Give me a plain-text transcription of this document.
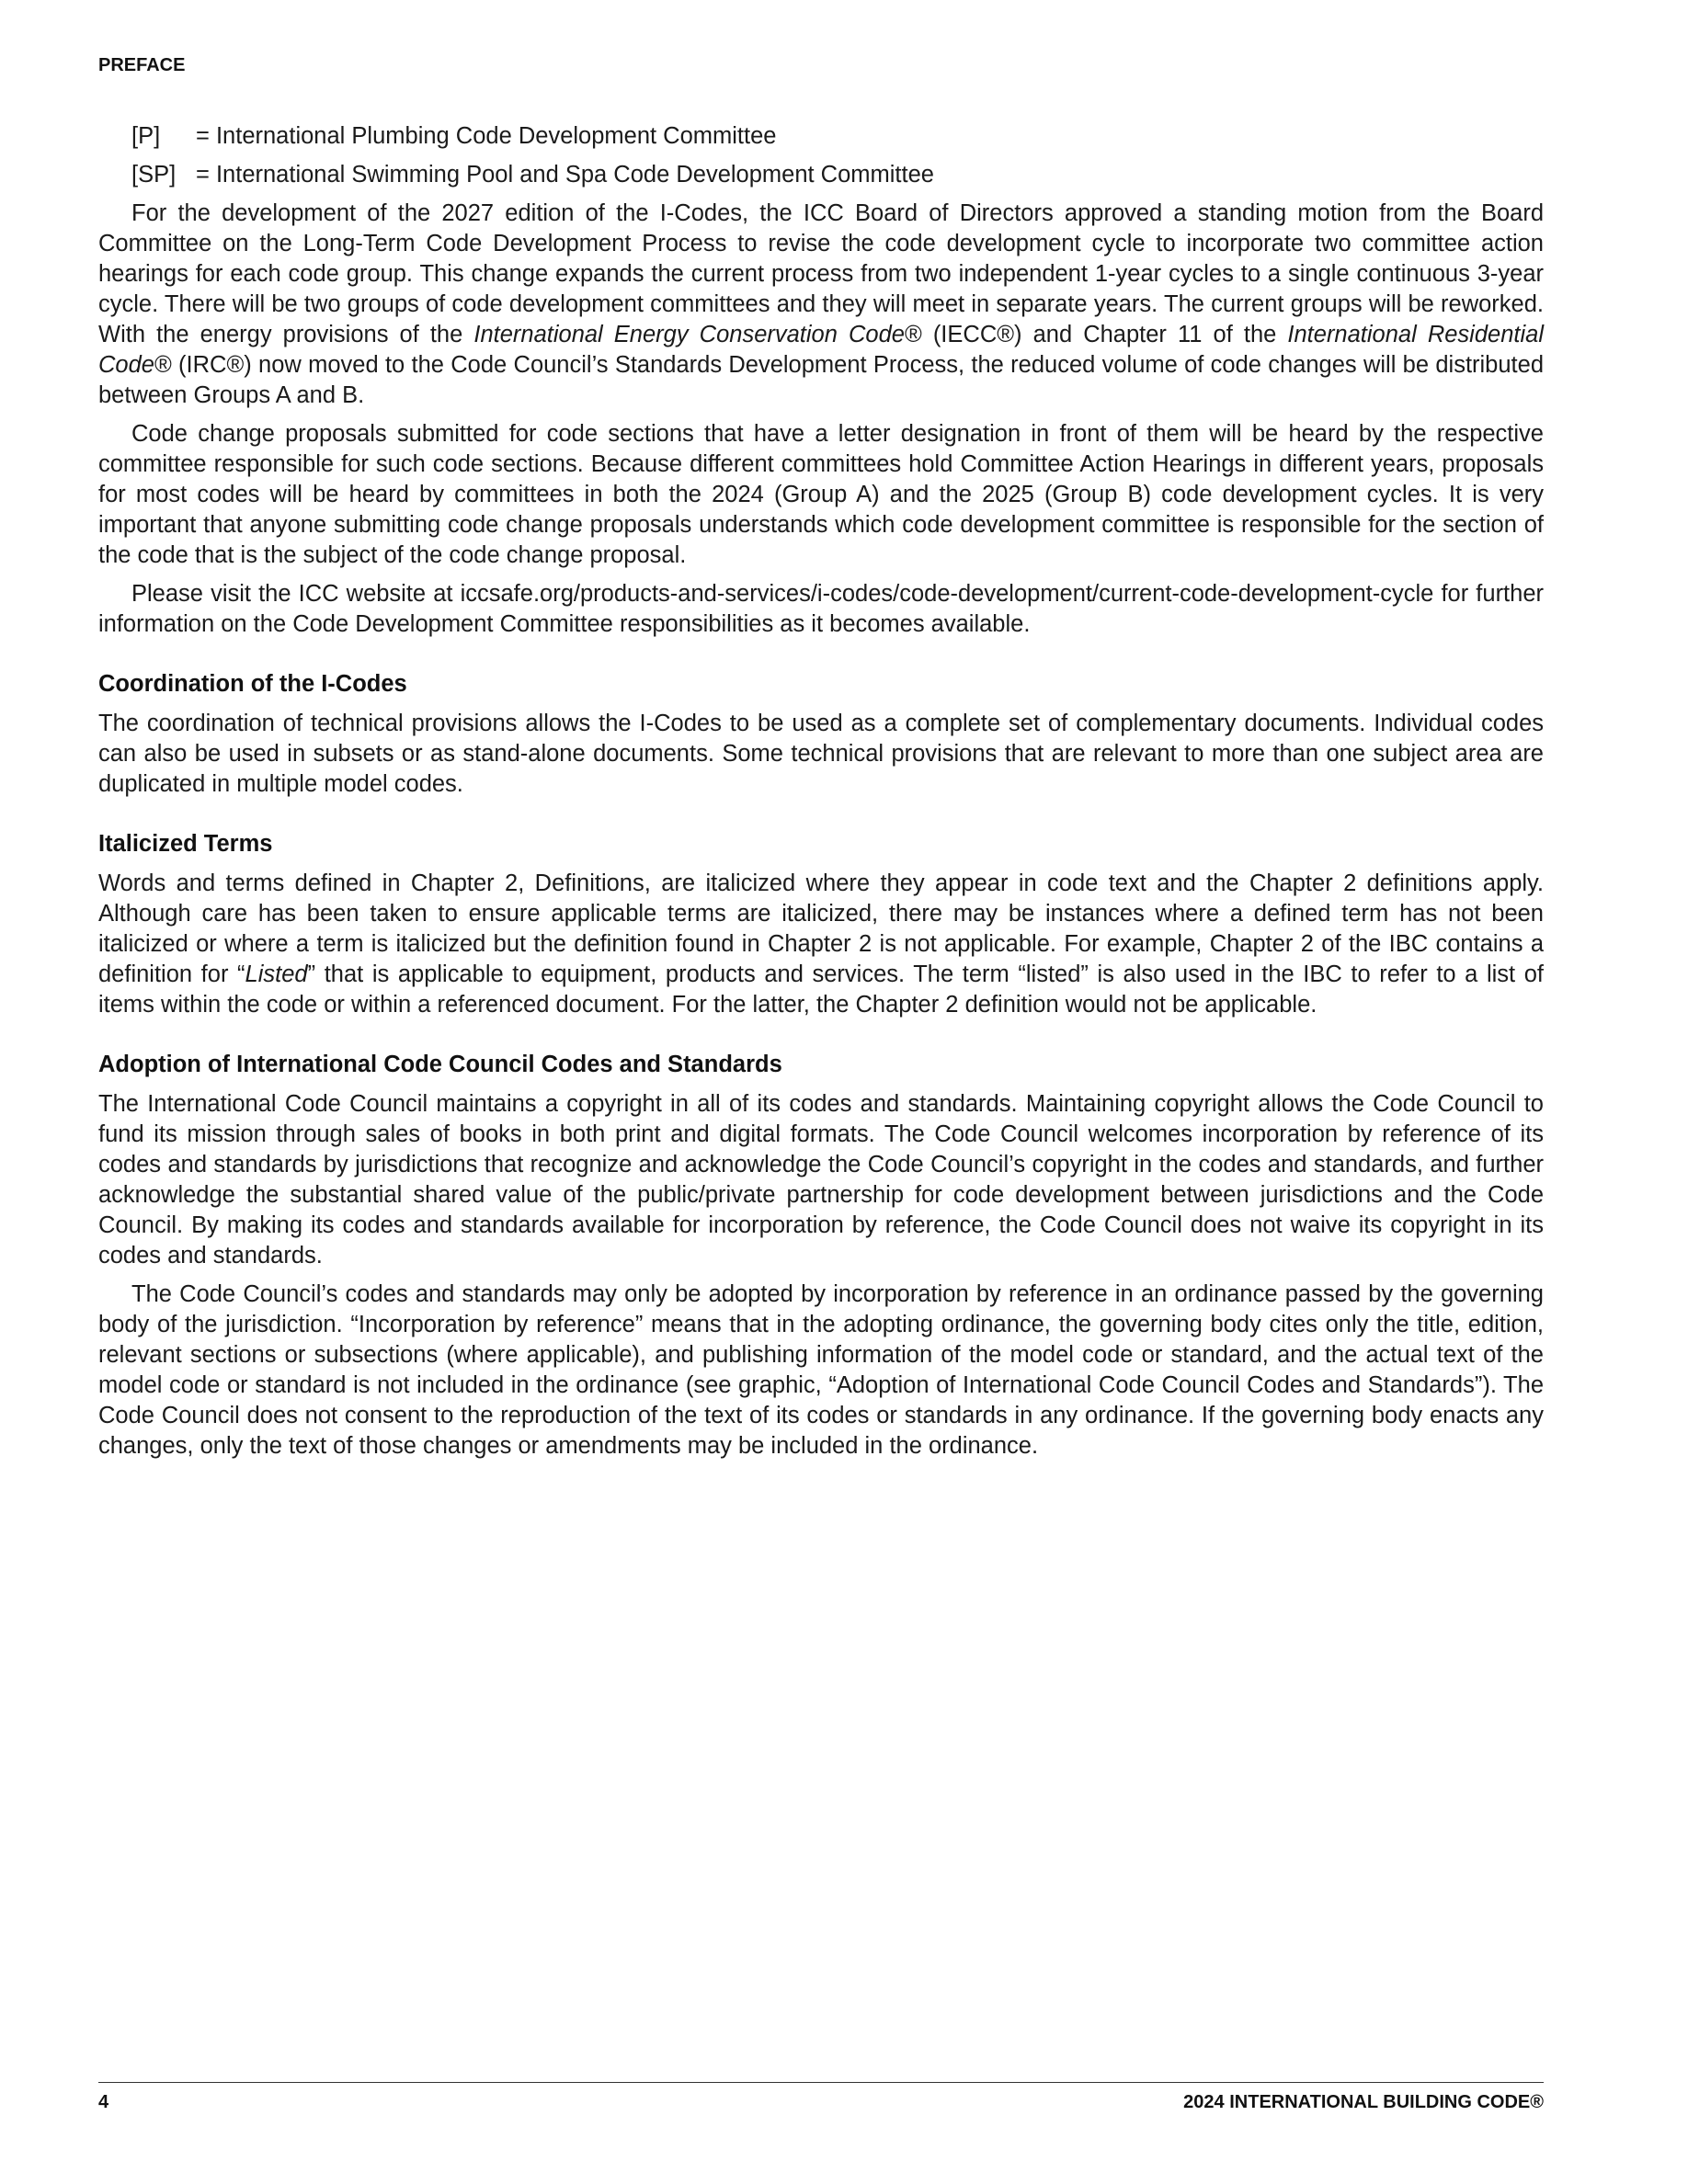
PREFACE
[P]	= International Plumbing Code Development Committee
[SP] = International Swimming Pool and Spa Code Development Committee

For the development of the 2027 edition of the I-Codes, the ICC Board of Directors approved a standing motion from the Board Committee on the Long-Term Code Development Process to revise the code development cycle to incorporate two committee action hearings for each code group. This change expands the current process from two independent 1-year cycles to a single continuous 3-year cycle. There will be two groups of code development committees and they will meet in separate years. The current groups will be reworked. With the energy provisions of the International Energy Conservation Code® (IECC®) and Chapter 11 of the International Residential Code® (IRC®) now moved to the Code Council’s Standards Development Process, the reduced volume of code changes will be distributed between Groups A and B.

Code change proposals submitted for code sections that have a letter designation in front of them will be heard by the respective committee responsible for such code sections. Because different committees hold Committee Action Hearings in different years, proposals for most codes will be heard by committees in both the 2024 (Group A) and the 2025 (Group B) code development cycles. It is very important that anyone submitting code change proposals understands which code development committee is responsible for the section of the code that is the subject of the code change proposal.

Please visit the ICC website at iccsafe.org/products-and-services/i-codes/code-development/current-code-development-cycle for further information on the Code Development Committee responsibilities as it becomes available.

Coordination of the I-Codes

The coordination of technical provisions allows the I-Codes to be used as a complete set of complementary documents. Individual codes can also be used in subsets or as stand-alone documents. Some technical provisions that are relevant to more than one subject area are duplicated in multiple model codes.

Italicized Terms

Words and terms defined in Chapter 2, Definitions, are italicized where they appear in code text and the Chapter 2 definitions apply. Although care has been taken to ensure applicable terms are italicized, there may be instances where a defined term has not been italicized or where a term is italicized but the definition found in Chapter 2 is not applicable. For example, Chapter 2 of the IBC contains a definition for “Listed” that is applicable to equipment, products and services. The term “listed” is also used in the IBC to refer to a list of items within the code or within a referenced document. For the latter, the Chapter 2 definition would not be applicable.

Adoption of International Code Council Codes and Standards

The International Code Council maintains a copyright in all of its codes and standards. Maintaining copyright allows the Code Council to fund its mission through sales of books in both print and digital formats. The Code Council welcomes incorporation by reference of its codes and standards by jurisdictions that recognize and acknowledge the Code Council’s copyright in the codes and standards, and further acknowledge the substantial shared value of the public/private partnership for code development between jurisdictions and the Code Council. By making its codes and standards available for incorporation by reference, the Code Council does not waive its copyright in its codes and standards.

The Code Council’s codes and standards may only be adopted by incorporation by reference in an ordinance passed by the governing body of the jurisdiction. “Incorporation by reference” means that in the adopting ordinance, the governing body cites only the title, edition, relevant sections or subsections (where applicable), and publishing information of the model code or standard, and the actual text of the model code or standard is not included in the ordinance (see graphic, “Adoption of International Code Council Codes and Standards”). The Code Council does not consent to the reproduction of the text of its codes or standards in any ordinance. If the governing body enacts any changes, only the text of those changes or amendments may be included in the ordinance.

4	2024 INTERNATIONAL BUILDING CODE®
